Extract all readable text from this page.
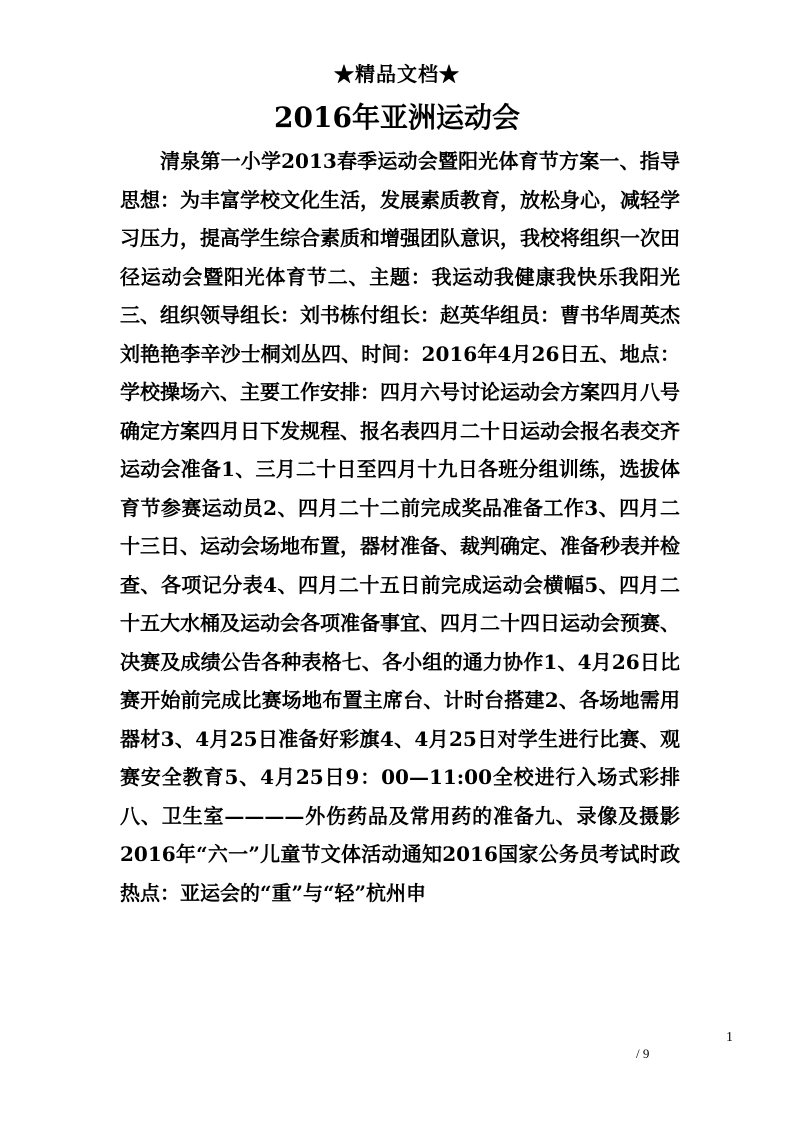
★精品文档★
2016年亚洲运动会

清泉第一小学2013春季运动会暨阳光体育节方案一、指导思想：为丰富学校文化生活，发展素质教育，放松身心，减轻学习压力，提高学生综合素质和增强团队意识，我校将组织一次田径运动会暨阳光体育节二、主题：我运动我健康我快乐我阳光三、组织领导组长：刘书栋付组长：赵英华组员：曹书华周英杰刘艳艳李辛沙士桐刘丛四、时间：2016年4月26日五、地点：学校操场六、主要工作安排：四月六号讨论运动会方案四月八号确定方案四月日下发规程、报名表四月二十日运动会报名表交齐运动会准备1、三月二十日至四月十九日各班分组训练，选拔体育节参赛运动员2、四月二十二前完成奖品准备工作3、四月二十三日、运动会场地布置，器材准备、裁判确定、准备秒表并检查、各项记分表4、四月二十五日前完成运动会横幅5、四月二十五大水桶及运动会各项准备事宜、四月二十四日运动会预赛、决赛及成绩公告各种表格七、各小组的通力协作1、4月26日比赛开始前完成比赛场地布置主席台、计时台搭建2、各场地需用器材3、4月25日准备好彩旗4、4月25日对学生进行比赛、观赛安全教育5、4月25日9：00—11:00全校进行入场式彩排八、卫生室————外伤药品及常用药的准备九、录像及摄影2016年“六一”儿童节文体活动通知2016国家公务员考试时政热点：亚运会的“重”与“轻”杭州申

1
/ 9
